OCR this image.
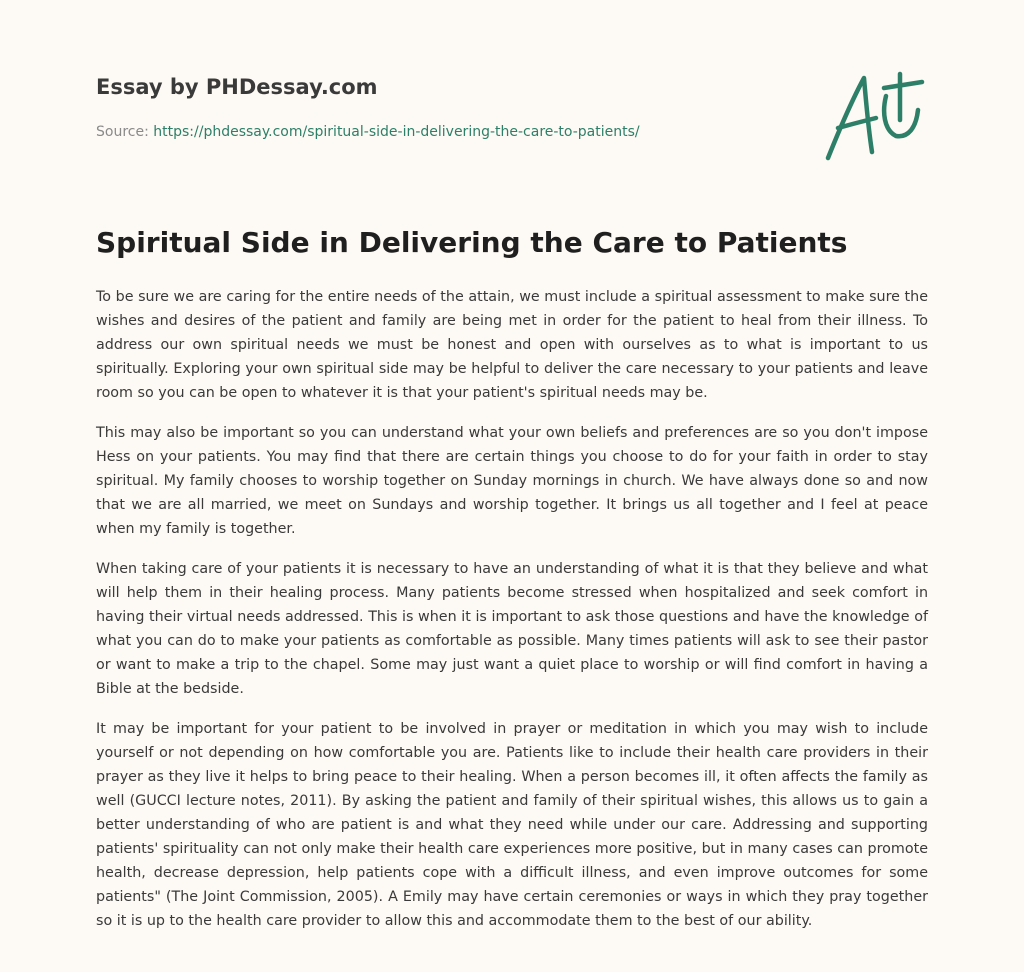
Essay by PHDessay.com
Source: https://phdessay.com/spiritual-side-in-delivering-the-care-to-patients/
Spiritual Side in Delivering the Care to Patients

To be sure we are caring for the entire needs of the attain, we must include a spiritual assessment to make sure the wishes and desires of the patient and family are being met in order for the patient to heal from their illness. To address our own spiritual needs we must be honest and open with ourselves as to what is important to us spiritually. Exploring your own spiritual side may be helpful to deliver the care necessary to your patients and leave room so you can be open to whatever it is that your patient's spiritual needs may be.

This may also be important so you can understand what your own beliefs and preferences are so you don't impose Hess on your patients. You may find that there are certain things you choose to do for your faith in order to stay spiritual. My family chooses to worship together on Sunday mornings in church. We have always done so and now that we are all married, we meet on Sundays and worship together. It brings us all together and I feel at peace when my family is together.

When taking care of your patients it is necessary to have an understanding of what it is that they believe and what will help them in their healing process. Many patients become stressed when hospitalized and seek comfort in having their virtual needs addressed. This is when it is important to ask those questions and have the knowledge of what you can do to make your patients as comfortable as possible. Many times patients will ask to see their pastor or want to make a trip to the chapel. Some may just want a quiet place to worship or will find comfort in having a Bible at the bedside.

It may be important for your patient to be involved in prayer or meditation in which you may wish to include yourself or not depending on how comfortable you are. Patients like to include their health care providers in their prayer as they live it helps to bring peace to their healing. When a person becomes ill, it often affects the family as well (GUCCI lecture notes, 2011). By asking the patient and family of their spiritual wishes, this allows us to gain a better understanding of who are patient is and what they need while under our care. Addressing and supporting patients' spirituality can not only make their health care experiences more positive, but in many cases can promote health, decrease depression, help patients cope with a difficult illness, and even improve outcomes for some patients" (The Joint Commission, 2005). A Emily may have certain ceremonies or ways in which they pray together so it is up to the health care provider to allow this and accommodate them to the best of our ability.
